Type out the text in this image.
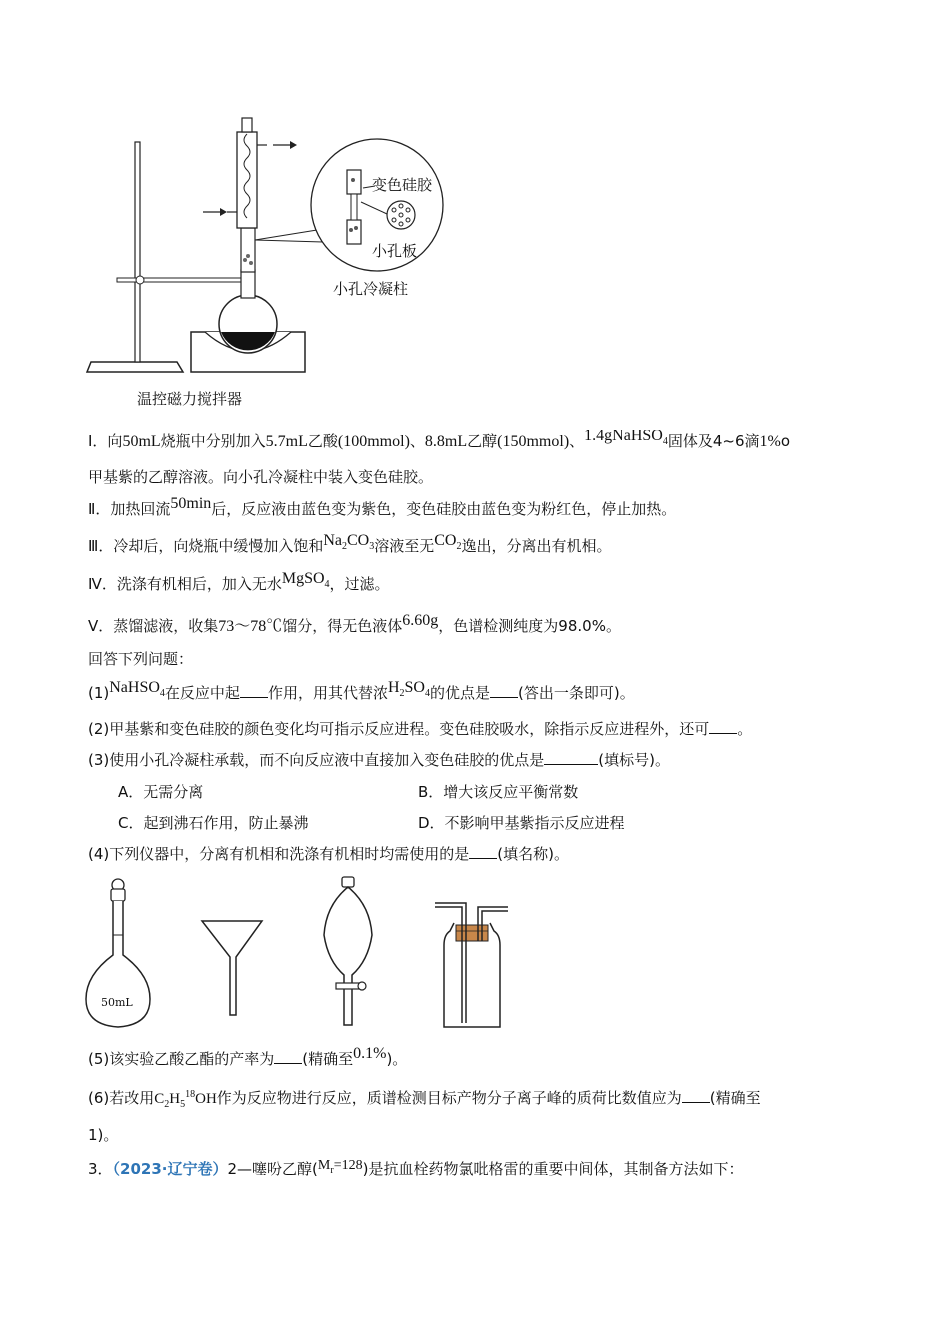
变色硅胶
小孔板
小孔冷凝柱
温控磁力搅拌器
Ⅰ．向50mL烧瓶中分别加入5.7mL乙酸(100mmol)、8.8mL乙醇(150mmol)、1.4gNaHSO$_4$固体及4~6滴1%o
甲基紫的乙醇溶液。向小孔冷凝柱中装入变色硅胶。
Ⅱ．加热回流50min后，反应液由蓝色变为紫色，变色硅胶由蓝色变为粉红色，停止加热。
Ⅲ．冷却后，向烧瓶中缓慢加入饱和$Na_2CO_3$溶液至无$CO_2$逸出，分离出有机相。
Ⅳ．洗涤有机相后，加入无水MgSO$_4$，过滤。
Ⅴ．蒸馏滤液，收集73～78℃馏分，得无色液体6.60g，色谱检测纯度为98.0%。
回答下列问题：
(1)NaHSO$_4$在反应中起 作用，用其代替浓$H_2SO_4$的优点是 (答出一条即可)。
(2)甲基紫和变色硅胶的颜色变化均可指示反应进程。变色硅胶吸水，除指示反应进程外，还可 。
(3)使用小孔冷凝柱承载，而不向反应液中直接加入变色硅胶的优点是	(填标号)。
A．无需分离	B．增大该反应平衡常数
C．起到沸石作用，防止暴沸	D．不影响甲基紫指示反应进程
(4)下列仪器中，分离有机相和洗涤有机相时均需使用的是 (填名称)。
50mL
(5)该实验乙酸乙酯的产率为 (精确至0.1%)。
(6)若改用$C_2H_5^{18}OH$作为反应物进行反应，质谱检测目标产物分子离子峰的质荷比数值应为 (精确至
1)。
3．（2023·辽宁卷）2—噻吩乙醇$(M_r=128)$是抗血栓药物氯吡格雷的重要中间体，其制备方法如下：
